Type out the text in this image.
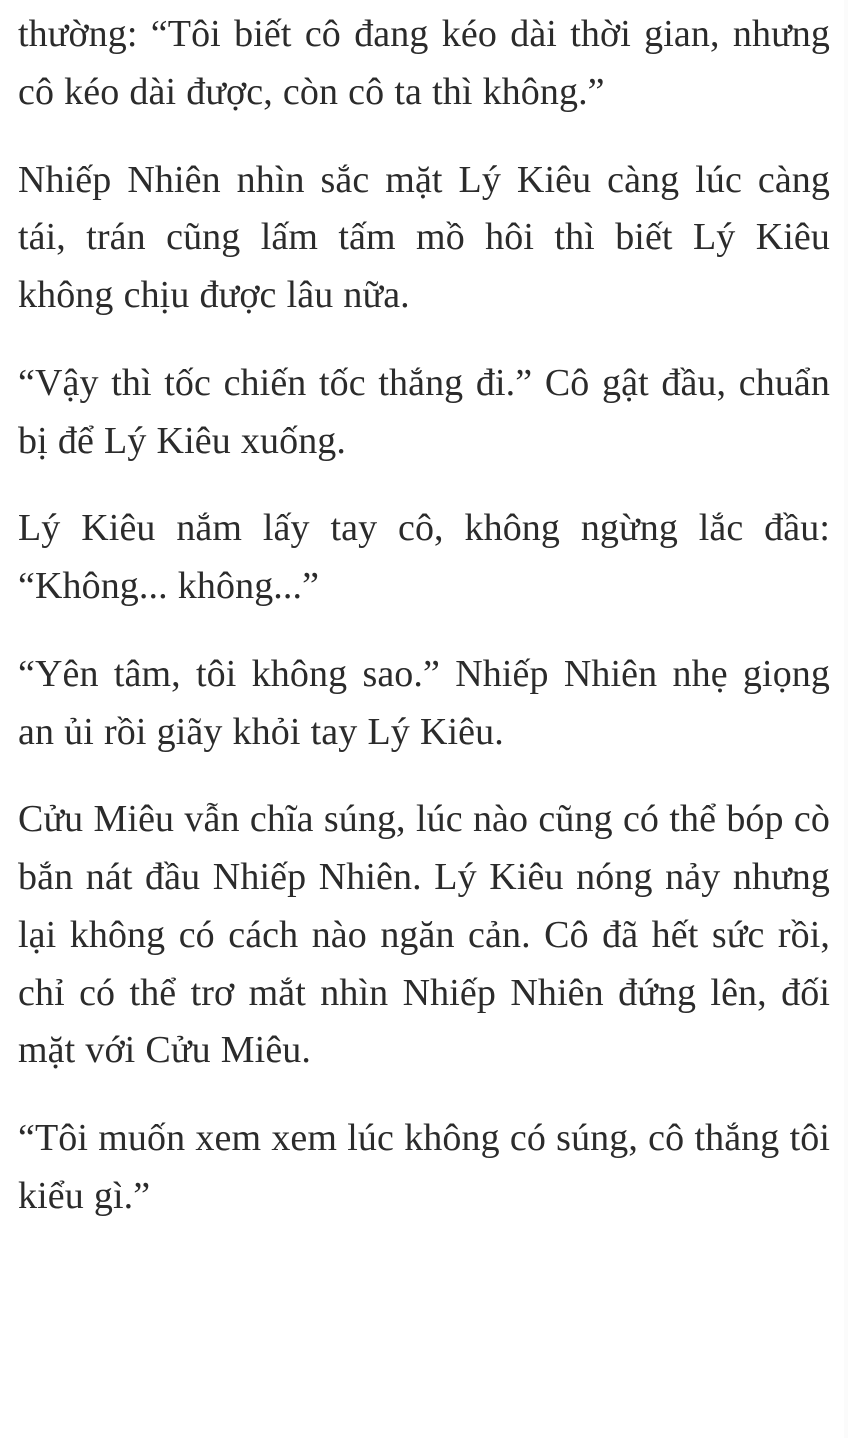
thường: “Tôi biết cô đang kéo dài thời gian, nhưng cô kéo dài được, còn cô ta thì không.”

Nhiếp Nhiên nhìn sắc mặt Lý Kiêu càng lúc càng tái, trán cũng lấm tấm mồ hôi thì biết Lý Kiêu không chịu được lâu nữa.

“Vậy thì tốc chiến tốc thắng đi.” Cô gật đầu, chuẩn bị để Lý Kiêu xuống.

Lý Kiêu nắm lấy tay cô, không ngừng lắc đầu: “Không... không...”

“Yên tâm, tôi không sao.” Nhiếp Nhiên nhẹ giọng an ủi rồi giãy khỏi tay Lý Kiêu.

Cửu Miêu vẫn chĩa súng, lúc nào cũng có thể bóp cò bắn nát đầu Nhiếp Nhiên. Lý Kiêu nóng nảy nhưng lại không có cách nào ngăn cản. Cô đã hết sức rồi, chỉ có thể trơ mắt nhìn Nhiếp Nhiên đứng lên, đối mặt với Cửu Miêu.

“Tôi muốn xem xem lúc không có súng, cô thắng tôi kiểu gì.”
